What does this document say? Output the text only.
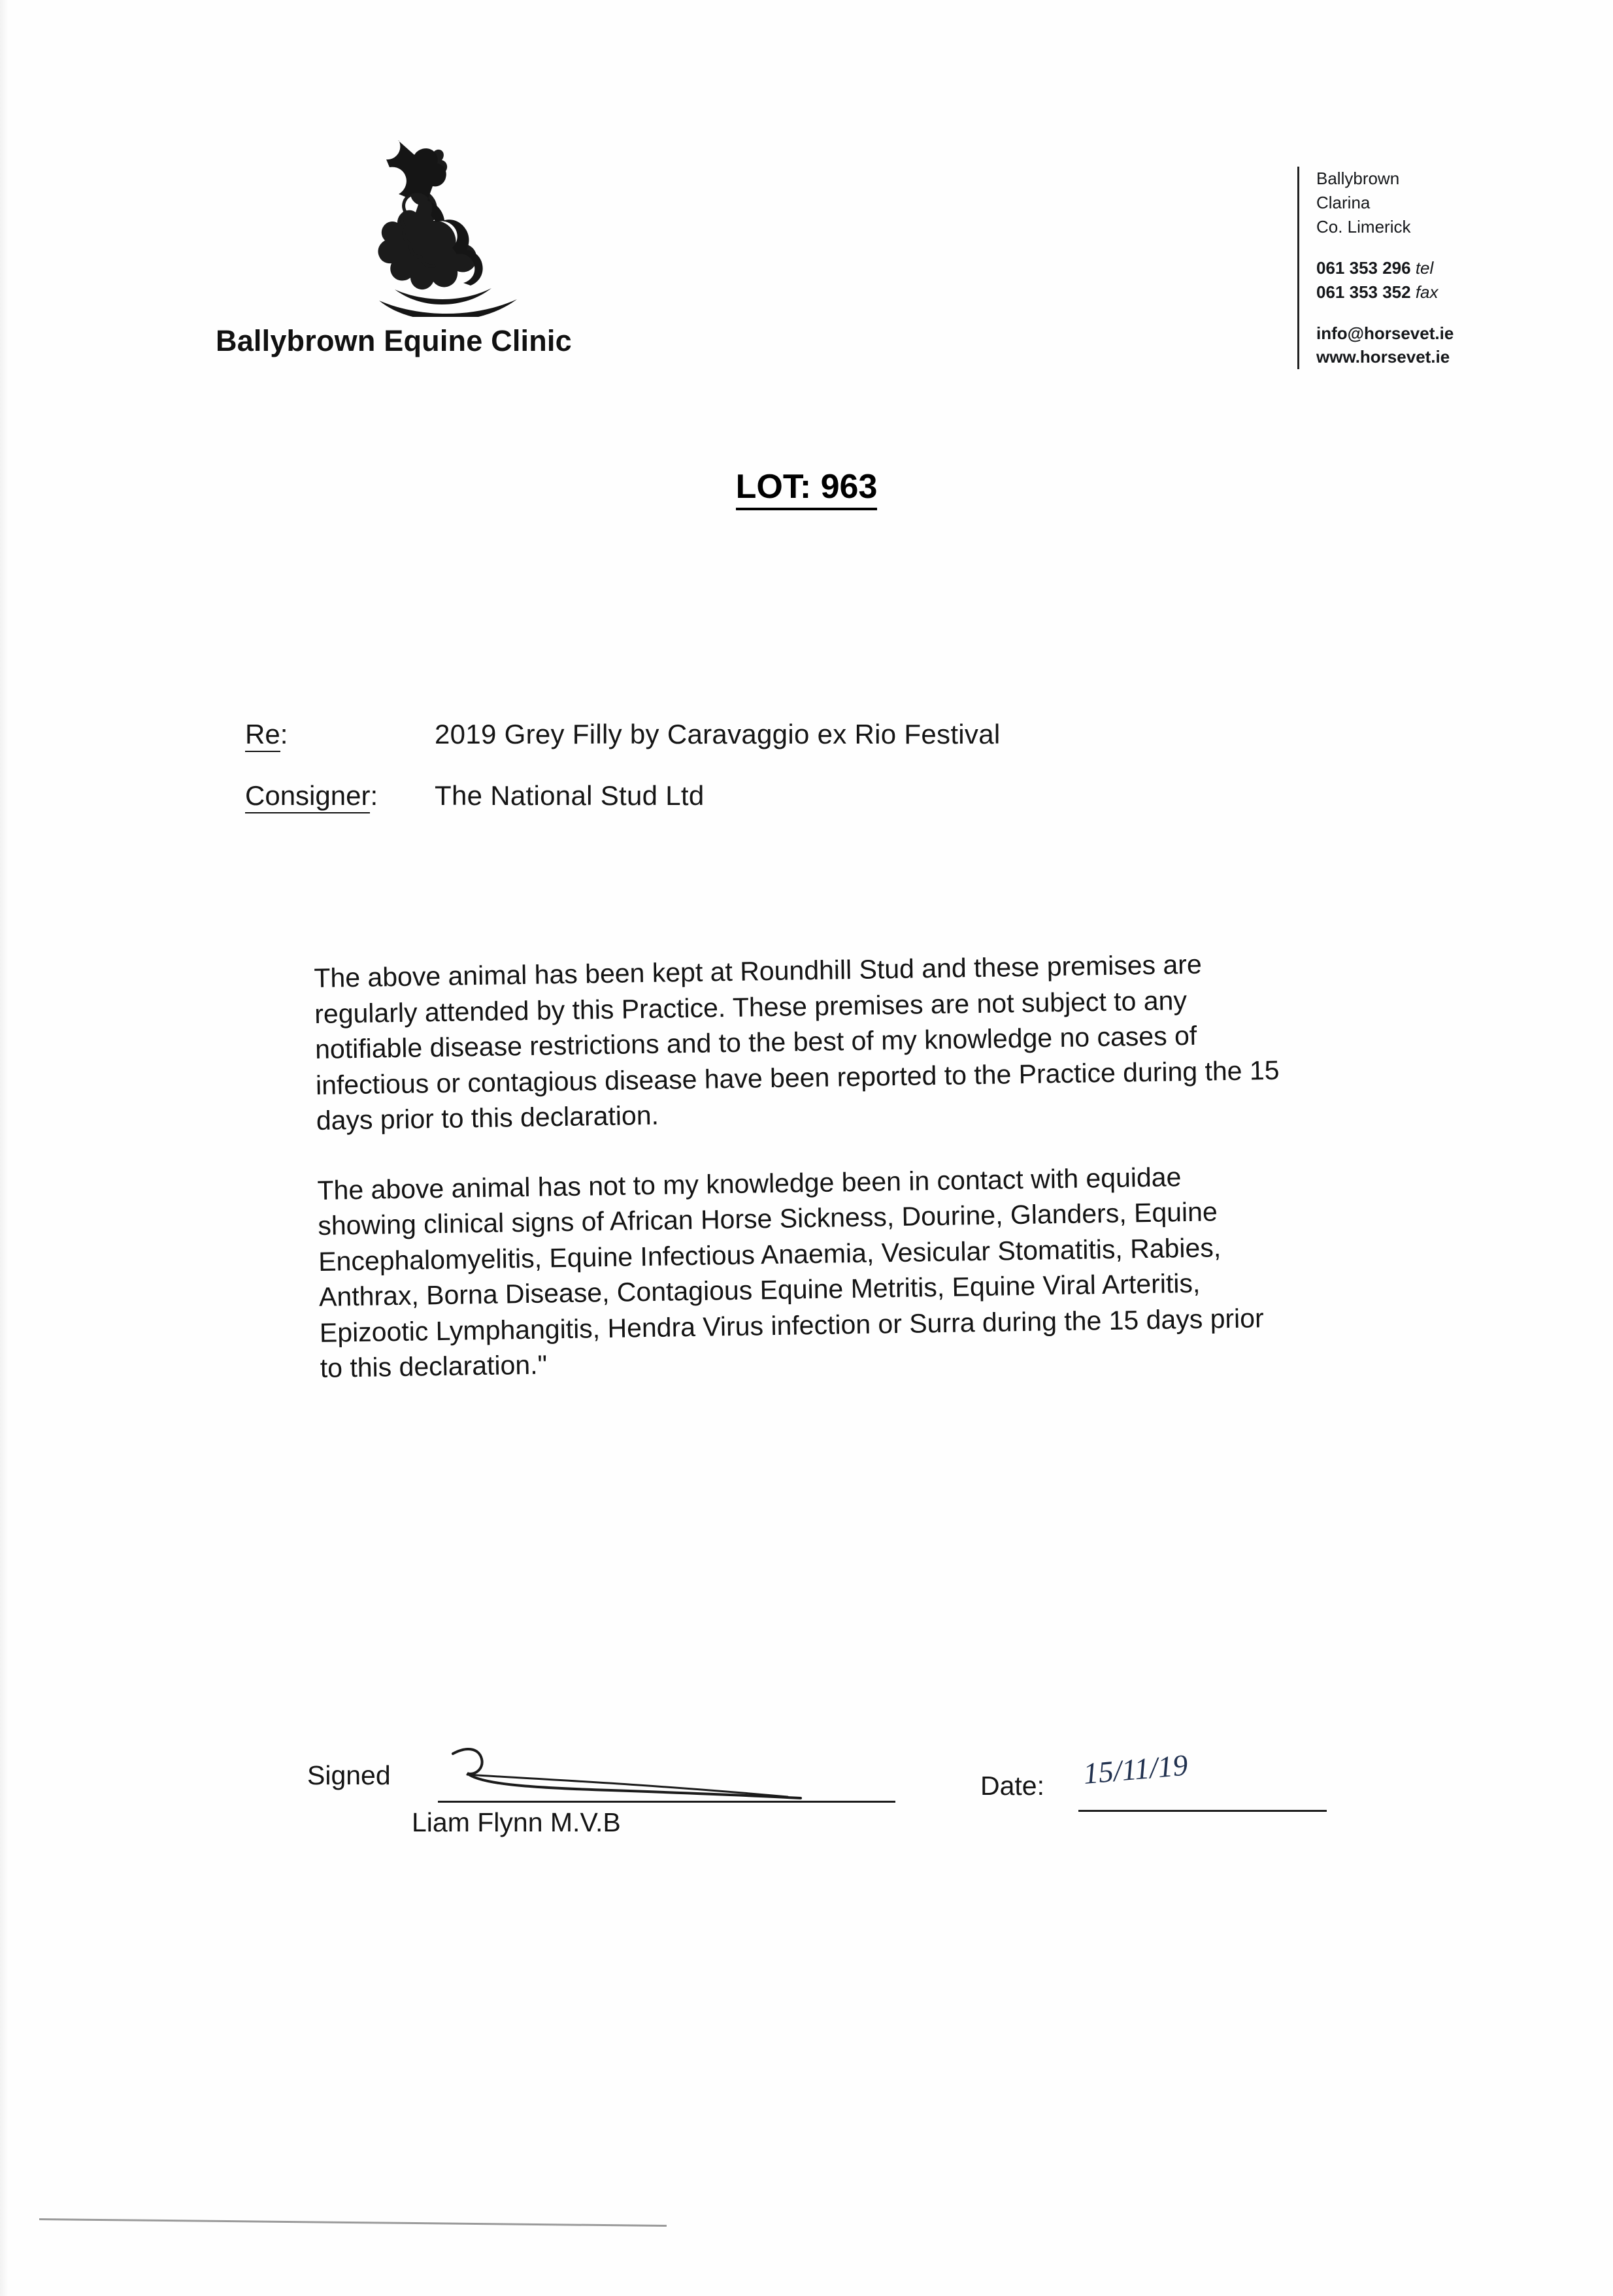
Ballybrown Equine Clinic
Ballybrown
Clarina
Co. Limerick
061 353 296 tel
061 353 352 fax
info@horsevet.ie
www.horsevet.ie
LOT: 963
Re:	2019 Grey Filly by Caravaggio ex Rio Festival
Consigner:	The National Stud Ltd

The above animal has been kept at Roundhill Stud and these premises are regularly attended by this Practice. These premises are not subject to any notifiable disease restrictions and to the best of my knowledge no cases of infectious or contagious disease have been reported to the Practice during the 15 days prior to this declaration.

The above animal has not to my knowledge been in contact with equidae showing clinical signs of African Horse Sickness, Dourine, Glanders, Equine Encephalomyelitis, Equine Infectious Anaemia, Vesicular Stomatitis, Rabies, Anthrax, Borna Disease, Contagious Equine Metritis, Equine Viral Arteritis, Epizootic Lymphangitis, Hendra Virus infection or Surra during the 15 days prior to this declaration."

Signed
Liam Flynn M.V.B
Date: 15/11/19
